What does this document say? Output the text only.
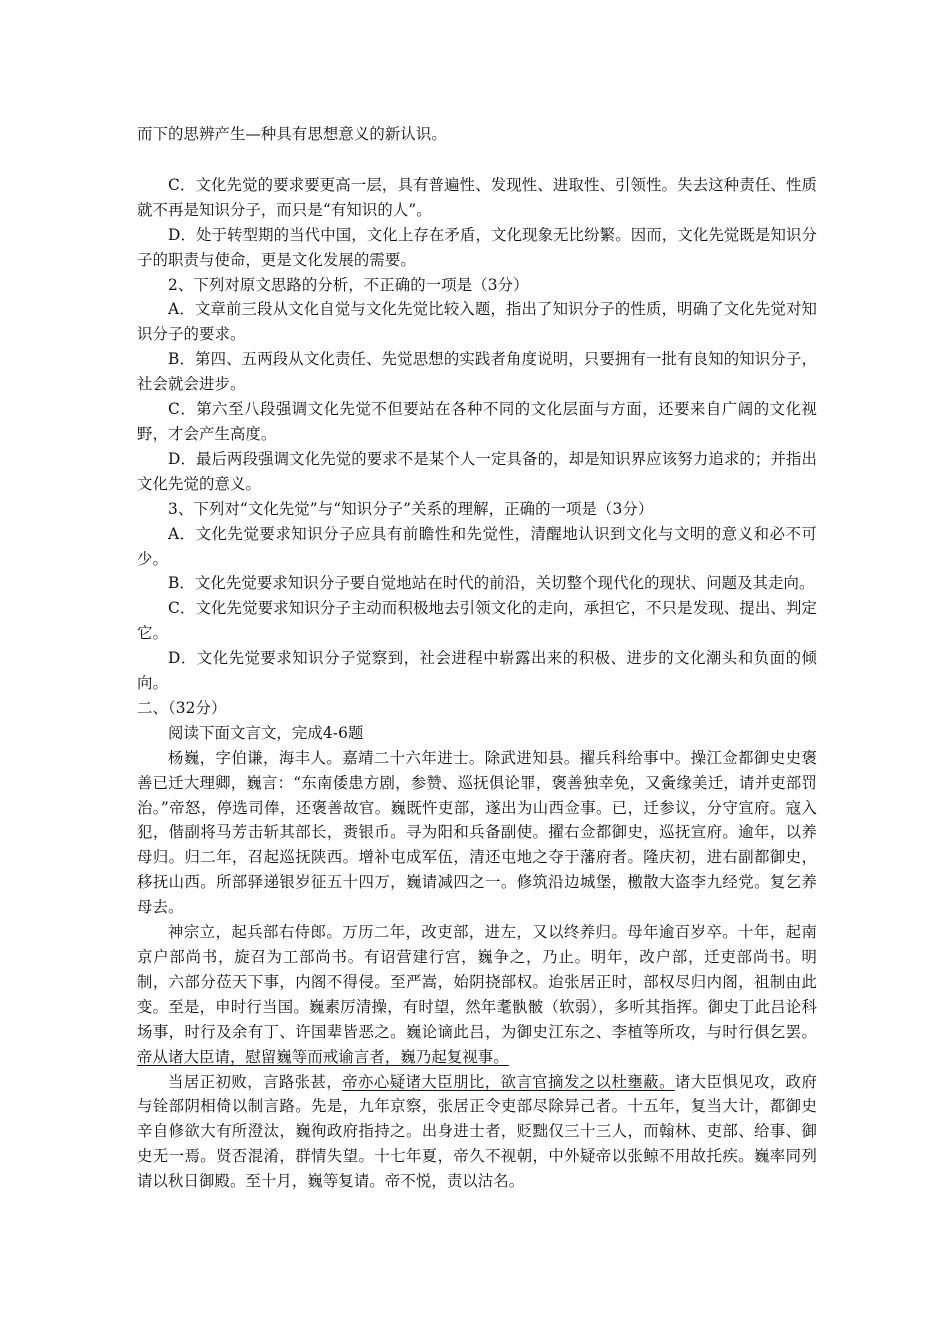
而下的思辨产生—种具有思想意义的新认识。

C．文化先觉的要求要更高一层，具有普遍性、发现性、进取性、引领性。失去这种责任、性质就不再是知识分子，而只是“有知识的人”。

D．处于转型期的当代中国，文化上存在矛盾，文化现象无比纷繁。因而，文化先觉既是知识分子的职责与使命，更是文化发展的需要。

2、下列对原文思路的分析，不正确的一项是（3分）

A．文章前三段从文化自觉与文化先觉比较入题，指出了知识分子的性质，明确了文化先觉对知识分子的要求。

B．第四、五两段从文化责任、先觉思想的实践者角度说明，只要拥有一批有良知的知识分子，社会就会进步。

C．第六至八段强调文化先觉不但要站在各种不同的文化层面与方面，还要来自广阔的文化视野，才会产生高度。

D．最后两段强调文化先觉的要求不是某个人一定具备的，却是知识界应该努力追求的；并指出文化先觉的意义。

3、下列对“文化先觉”与“知识分子”关系的理解，正确的一项是（3分）

A．文化先觉要求知识分子应具有前瞻性和先觉性，清醒地认识到文化与文明的意义和必不可少。

B．文化先觉要求知识分子要自觉地站在时代的前沿，关切整个现代化的现状、问题及其走向。

C．文化先觉要求知识分子主动而积极地去引领文化的走向，承担它，不只是发现、提出、判定它。

D．文化先觉要求知识分子觉察到，社会进程中崭露出来的积极、进步的文化潮头和负面的倾向。

二、（32分）

阅读下面文言文，完成4-6题

杨巍，字伯谦，海丰人。嘉靖二十六年进士。除武进知县。擢兵科给事中。操江佥都御史史褒善已迁大理卿，巍言：“东南倭患方剧，参赞、巡抚俱论罪，褒善独幸免，又夤缘美迁，请并吏部罚治。”帝怒，停选司俸，还褒善故官。巍既忤吏部，遂出为山西佥事。已，迁参议，分守宣府。寇入犯，偕副将马芳击斩其部长，赉银币。寻为阳和兵备副使。擢右佥都御史，巡抚宣府。逾年，以养母归。归二年，召起巡抚陕西。增补屯成军伍，清还屯地之夺于藩府者。隆庆初，进右副都御史，移抚山西。所部驿递银岁征五十四万，巍请减四之一。修筑沿边城堡，檄散大盗李九经党。复乞养母去。

神宗立，起兵部右侍郎。万历二年，改吏部，进左，又以终养归。母年逾百岁卒。十年，起南京户部尚书，旋召为工部尚书。有诏营建行宫，巍争之，乃止。明年，改户部，迁吏部尚书。明制，六部分莅天下事，内阁不得侵。至严嵩，始阴挠部权。迨张居正时，部权尽归内阁，祖制由此变。至是，申时行当国。巍素厉清操，有时望，然年耄骫骳（软弱），多听其指挥。御史丁此吕论科场事，时行及余有丁、许国辈皆恶之。巍论谪此吕，为御史江东之、李植等所攻，与时行俱乞罢。帝从诸大臣请，慰留巍等而戒谕言者，巍乃起复视事。

当居正初败，言路张甚，帝亦心疑诸大臣朋比，欲言官摘发之以杜壅蔽。诸大臣惧见攻，政府与铨部阴相倚以制言路。先是，九年京察，张居正令吏部尽除异己者。十五年，复当大计，都御史辛自修欲大有所澄汰，巍徇政府指持之。出身进士者，贬黜仅三十三人，而翰林、吏部、给事、御史无一焉。贤否混淆，群情失望。十七年夏，帝久不视朝，中外疑帝以张鲸不用故托疾。巍率同列请以秋日御殿。至十月，巍等复请。帝不悦，责以沽名。
